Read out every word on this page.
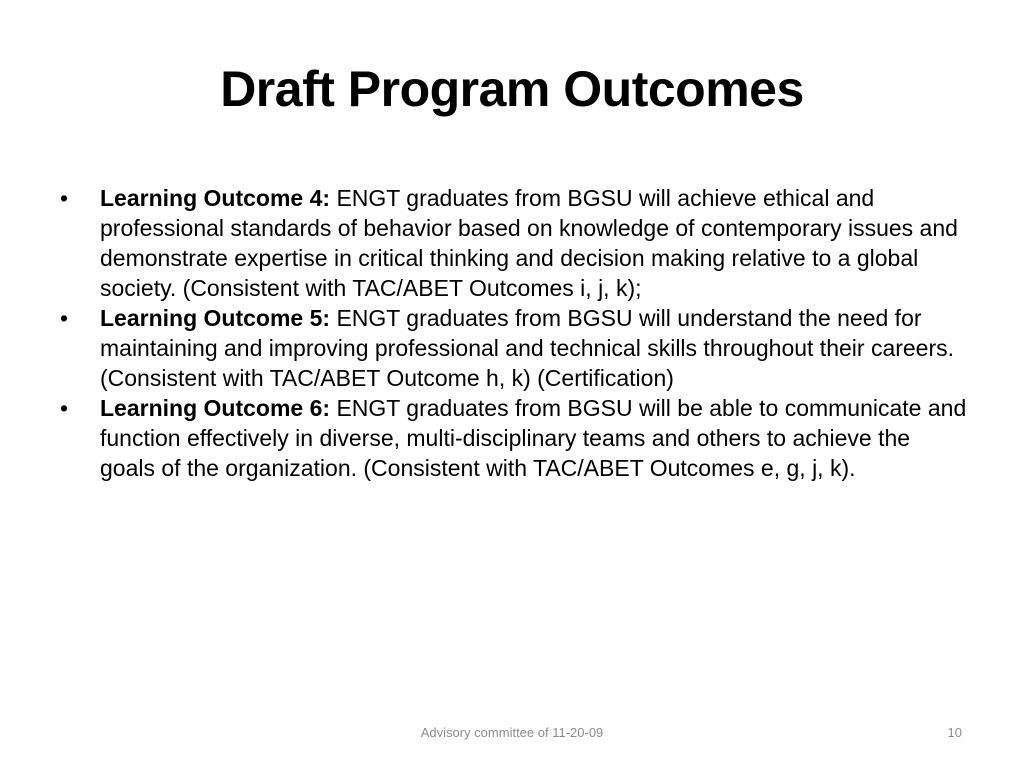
Draft Program Outcomes
•	Learning Outcome 4: ENGT graduates from BGSU will achieve ethical and professional standards of behavior based on knowledge of contemporary issues and demonstrate expertise in critical thinking and decision making relative to a global society. (Consistent with TAC/ABET Outcomes i, j, k);
•	Learning Outcome 5: ENGT graduates from BGSU will understand the need for maintaining and improving professional and technical skills throughout their careers. (Consistent with TAC/ABET Outcome h, k) (Certification)
•	Learning Outcome 6: ENGT graduates from BGSU will be able to communicate and function effectively in diverse, multi-disciplinary teams and others to achieve the goals of the organization. (Consistent with TAC/ABET Outcomes e, g, j, k).
Advisory committee of 11-20-09	10
